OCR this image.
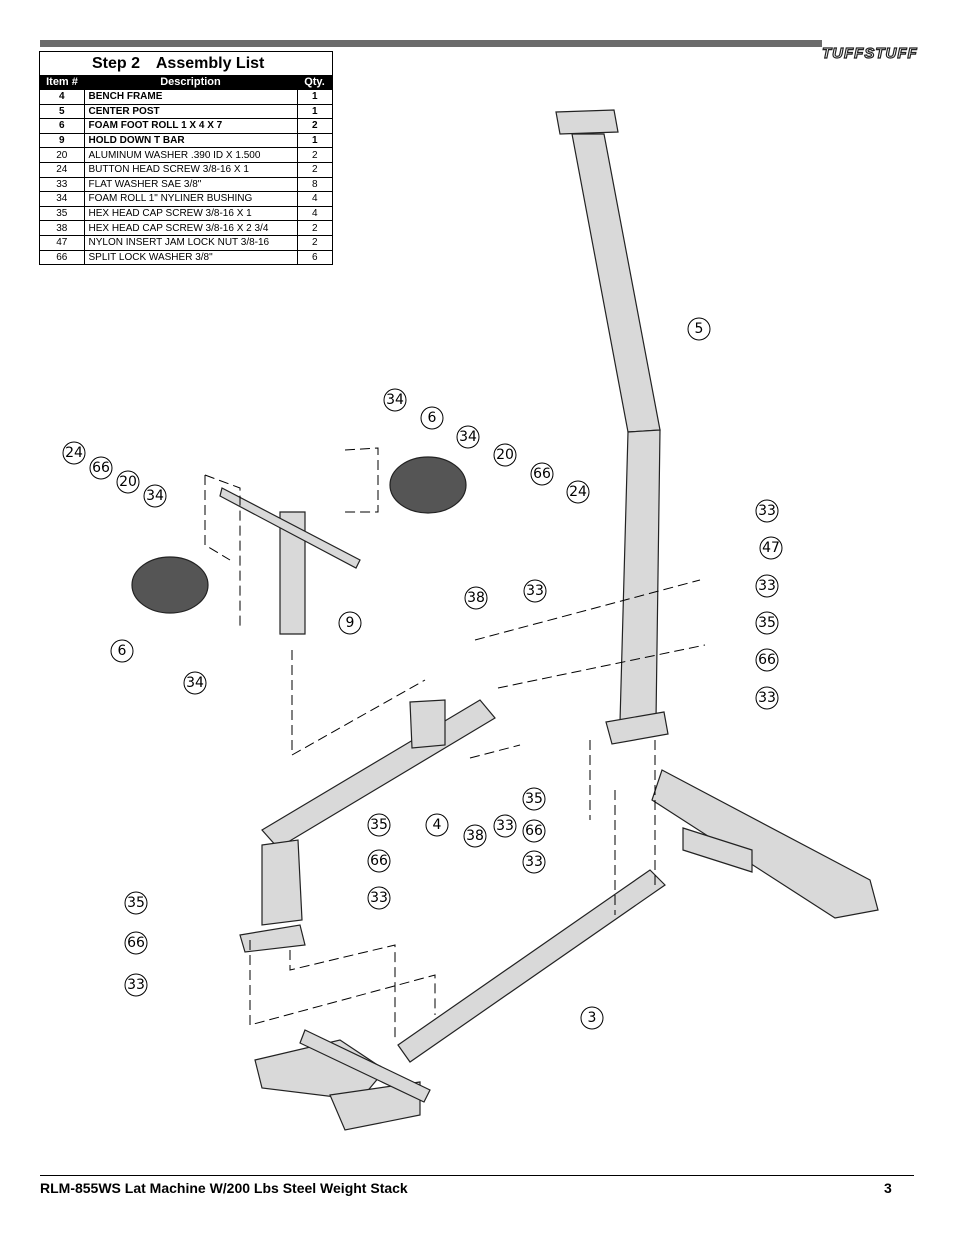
TUFFSTUFF
Step 2 Assembly List
Item #	Description	Qty.
4	BENCH FRAME	1
5	CENTER POST	1
6	FOAM FOOT ROLL 1 X 4 X 7	2
9	HOLD DOWN T BAR	1
20	ALUMINUM WASHER .390 ID X 1.500	2
24	BUTTON HEAD SCREW 3/8-16 X 1	2
33	FLAT WASHER SAE 3/8"	8
34	FOAM ROLL 1" NYLINER BUSHING	4
35	HEX HEAD CAP SCREW 3/8-16 X 1	4
38	HEX HEAD CAP SCREW 3/8-16 X 2 3/4	2
47	NYLON INSERT JAM LOCK NUT 3/8-16	2
66	SPLIT LOCK WASHER 3/8"	6
5
34
6
34
20
66
24
24
66
20
34
33
47
33
35
66
33
38	33
9
6
34
35	4
66
33
35
33
38	66
33
35
66
33
3
RLM-855WS Lat Machine W/200 Lbs Steel Weight Stack	3
